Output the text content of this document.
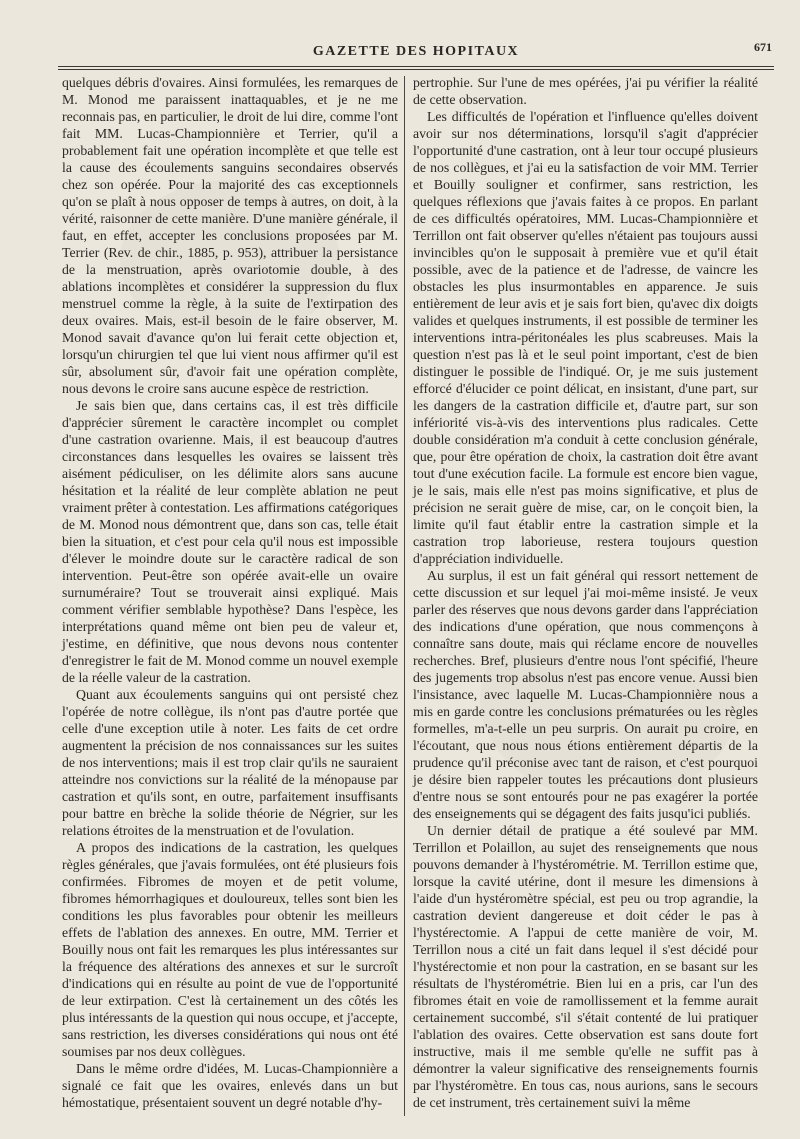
GAZETTE DES HOPITAUX	671

quelques débris d'ovaires. Ainsi formulées, les remarques de M. Monod me paraissent inattaquables, et je ne me reconnais pas, en particulier, le droit de lui dire, comme l'ont fait MM. Lucas-Championnière et Terrier, qu'il a probablement fait une opération incomplète et que telle est la cause des écoulements sanguins secondaires observés chez son opérée. Pour la majorité des cas exceptionnels qu'on se plaît à nous opposer de temps à autres, on doit, à la vérité, raisonner de cette manière. D'une manière générale, il faut, en effet, accepter les conclusions proposées par M. Terrier (Rev. de chir., 1885, p. 953), attribuer la persistance de la menstruation, après ovariotomie double, à des ablations incomplètes et considérer la suppression du flux menstruel comme la règle, à la suite de l'extirpation des deux ovaires. Mais, est-il besoin de le faire observer, M. Monod savait d'avance qu'on lui ferait cette objection et, lorsqu'un chirurgien tel que lui vient nous affirmer qu'il est sûr, absolument sûr, d'avoir fait une opération complète, nous devons le croire sans aucune espèce de restriction.

Je sais bien que, dans certains cas, il est très difficile d'apprécier sûrement le caractère incomplet ou complet d'une castration ovarienne. Mais, il est beaucoup d'autres circonstances dans lesquelles les ovaires se laissent très aisément pédiculiser, on les délimite alors sans aucune hésitation et la réalité de leur complète ablation ne peut vraiment prêter à contestation. Les affirmations catégoriques de M. Monod nous démontrent que, dans son cas, telle était bien la situation, et c'est pour cela qu'il nous est impossible d'élever le moindre doute sur le caractère radical de son intervention. Peut-être son opérée avait-elle un ovaire surnuméraire? Tout se trouverait ainsi expliqué. Mais comment vérifier semblable hypothèse? Dans l'espèce, les interprétations quand même ont bien peu de valeur et, j'estime, en définitive, que nous devons nous contenter d'enregistrer le fait de M. Monod comme un nouvel exemple de la réelle valeur de la castration.

Quant aux écoulements sanguins qui ont persisté chez l'opérée de notre collègue, ils n'ont pas d'autre portée que celle d'une exception utile à noter. Les faits de cet ordre augmentent la précision de nos connaissances sur les suites de nos interventions; mais il est trop clair qu'ils ne sauraient atteindre nos convictions sur la réalité de la ménopause par castration et qu'ils sont, en outre, parfaitement insuffisants pour battre en brèche la solide théorie de Négrier, sur les relations étroites de la menstruation et de l'ovulation.

A propos des indications de la castration, les quelques règles générales, que j'avais formulées, ont été plusieurs fois confirmées. Fibromes de moyen et de petit volume, fibromes hémorrhagiques et douloureux, telles sont bien les conditions les plus favorables pour obtenir les meilleurs effets de l'ablation des annexes. En outre, MM. Terrier et Bouilly nous ont fait les remarques les plus intéressantes sur la fréquence des altérations des annexes et sur le surcroît d'indications qui en résulte au point de vue de l'opportunité de leur extirpation. C'est là certainement un des côtés les plus intéressants de la question qui nous occupe, et j'accepte, sans restriction, les diverses considérations qui nous ont été soumises par nos deux collègues.

Dans le même ordre d'idées, M. Lucas-Championnière a signalé ce fait que les ovaires, enlevés dans un but hémostatique, présentaient souvent un degré notable d'hy-

pertrophie. Sur l'une de mes opérées, j'ai pu vérifier la réalité de cette observation.

Les difficultés de l'opération et l'influence qu'elles doivent avoir sur nos déterminations, lorsqu'il s'agit d'apprécier l'opportunité d'une castration, ont à leur tour occupé plusieurs de nos collègues, et j'ai eu la satisfaction de voir MM. Terrier et Bouilly souligner et confirmer, sans restriction, les quelques réflexions que j'avais faites à ce propos. En parlant de ces difficultés opératoires, MM. Lucas-Championnière et Terrillon ont fait observer qu'elles n'étaient pas toujours aussi invincibles qu'on le supposait à première vue et qu'il était possible, avec de la patience et de l'adresse, de vaincre les obstacles les plus insurmontables en apparence. Je suis entièrement de leur avis et je sais fort bien, qu'avec dix doigts valides et quelques instruments, il est possible de terminer les interventions intra-péritonéales les plus scabreuses. Mais la question n'est pas là et le seul point important, c'est de bien distinguer le possible de l'indiqué. Or, je me suis justement efforcé d'élucider ce point délicat, en insistant, d'une part, sur les dangers de la castration difficile et, d'autre part, sur son infériorité vis-à-vis des interventions plus radicales. Cette double considération m'a conduit à cette conclusion générale, que, pour être opération de choix, la castration doit être avant tout d'une exécution facile. La formule est encore bien vague, je le sais, mais elle n'est pas moins significative, et plus de précision ne serait guère de mise, car, on le conçoit bien, la limite qu'il faut établir entre la castration simple et la castration trop laborieuse, restera toujours question d'appréciation individuelle.

Au surplus, il est un fait général qui ressort nettement de cette discussion et sur lequel j'ai moi-même insisté. Je veux parler des réserves que nous devons garder dans l'appréciation des indications d'une opération, que nous commençons à connaître sans doute, mais qui réclame encore de nouvelles recherches. Bref, plusieurs d'entre nous l'ont spécifié, l'heure des jugements trop absolus n'est pas encore venue. Aussi bien l'insistance, avec laquelle M. Lucas-Championnière nous a mis en garde contre les conclusions prématurées ou les règles formelles, m'a-t-elle un peu surpris. On aurait pu croire, en l'écoutant, que nous nous étions entièrement départis de la prudence qu'il préconise avec tant de raison, et c'est pourquoi je désire bien rappeler toutes les précautions dont plusieurs d'entre nous se sont entourés pour ne pas exagérer la portée des enseignements qui se dégagent des faits jusqu'ici publiés.

Un dernier détail de pratique a été soulevé par MM. Terrillon et Polaillon, au sujet des renseignements que nous pouvons demander à l'hystérométrie. M. Terrillon estime que, lorsque la cavité utérine, dont il mesure les dimensions à l'aide d'un hystéromètre spécial, est peu ou trop agrandie, la castration devient dangereuse et doit céder le pas à l'hystérectomie. A l'appui de cette manière de voir, M. Terrillon nous a cité un fait dans lequel il s'est décidé pour l'hystérectomie et non pour la castration, en se basant sur les résultats de l'hystérométrie. Bien lui en a pris, car l'un des fibromes était en voie de ramollissement et la femme aurait certainement succombé, s'il s'était contenté de lui pratiquer l'ablation des ovaires. Cette observation est sans doute fort instructive, mais il me semble qu'elle ne suffit pas à démontrer la valeur significative des renseignements fournis par l'hystéromètre. En tous cas, nous aurions, sans le secours de cet instrument, très certainement suivi la même
